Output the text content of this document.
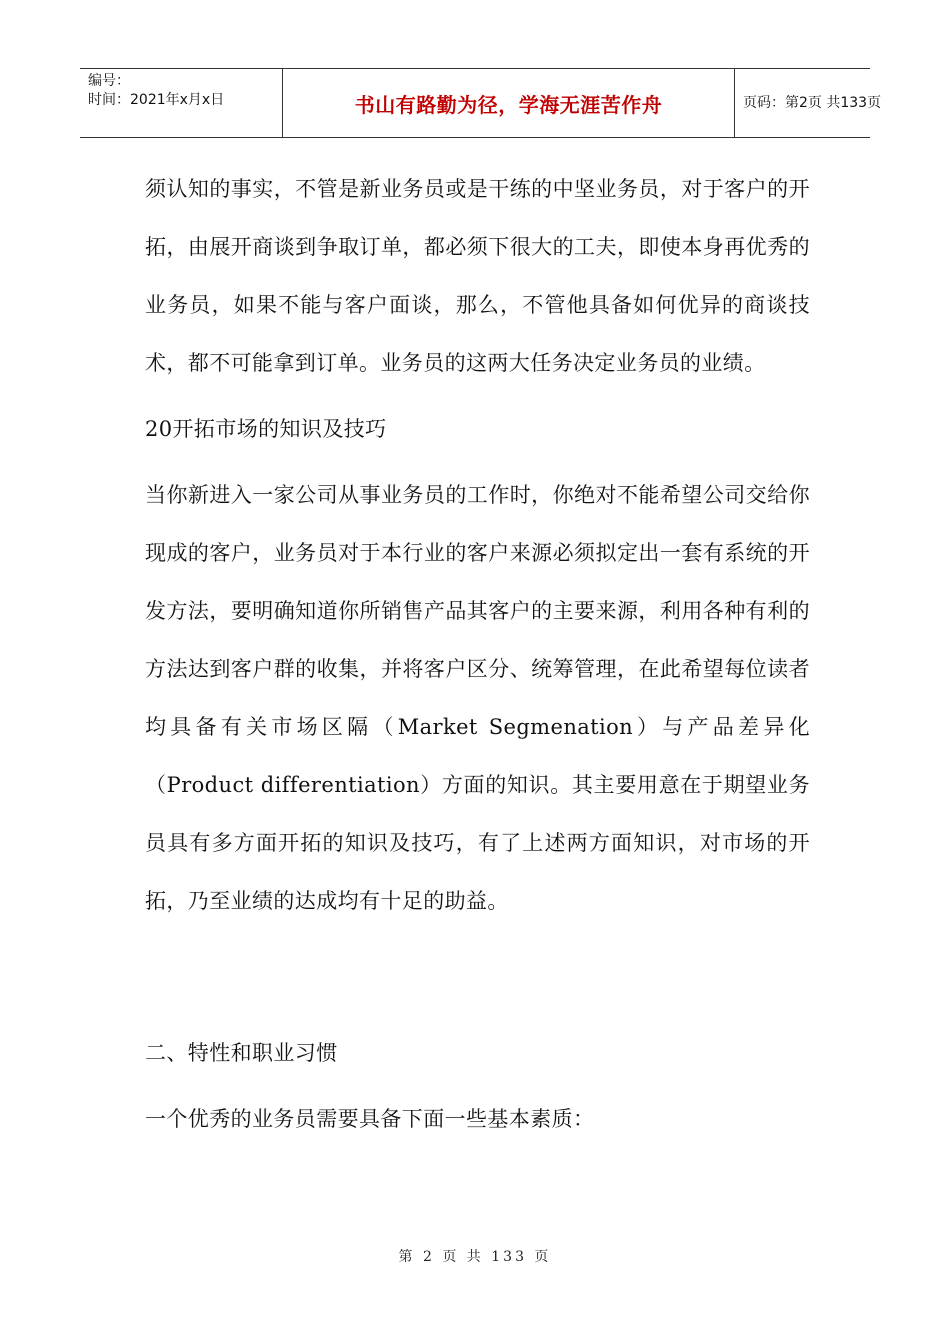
编号：
时间：2021年x月x日	书山有路勤为径，学海无涯苦作舟	页码：第2页 共133页

须认知的事实，不管是新业务员或是干练的中坚业务员，对于客户的开拓，由展开商谈到争取订单，都必须下很大的工夫，即使本身再优秀的业务员，如果不能与客户面谈，那么，不管他具备如何优异的商谈技术，都不可能拿到订单。业务员的这两大任务决定业务员的业绩。

20开拓市场的知识及技巧

当你新进入一家公司从事业务员的工作时，你绝对不能希望公司交给你现成的客户，业务员对于本行业的客户来源必须拟定出一套有系统的开发方法，要明确知道你所销售产品其客户的主要来源，利用各种有利的方法达到客户群的收集，并将客户区分、统筹管理，在此希望每位读者均具备有关市场区隔（Market Segmenation）与产品差异化（Product differentiation）方面的知识。其主要用意在于期望业务员具有多方面开拓的知识及技巧，有了上述两方面知识，对市场的开拓，乃至业绩的达成均有十足的助益。

二、特性和职业习惯

一个优秀的业务员需要具备下面一些基本素质：

第 2 页 共 133 页
